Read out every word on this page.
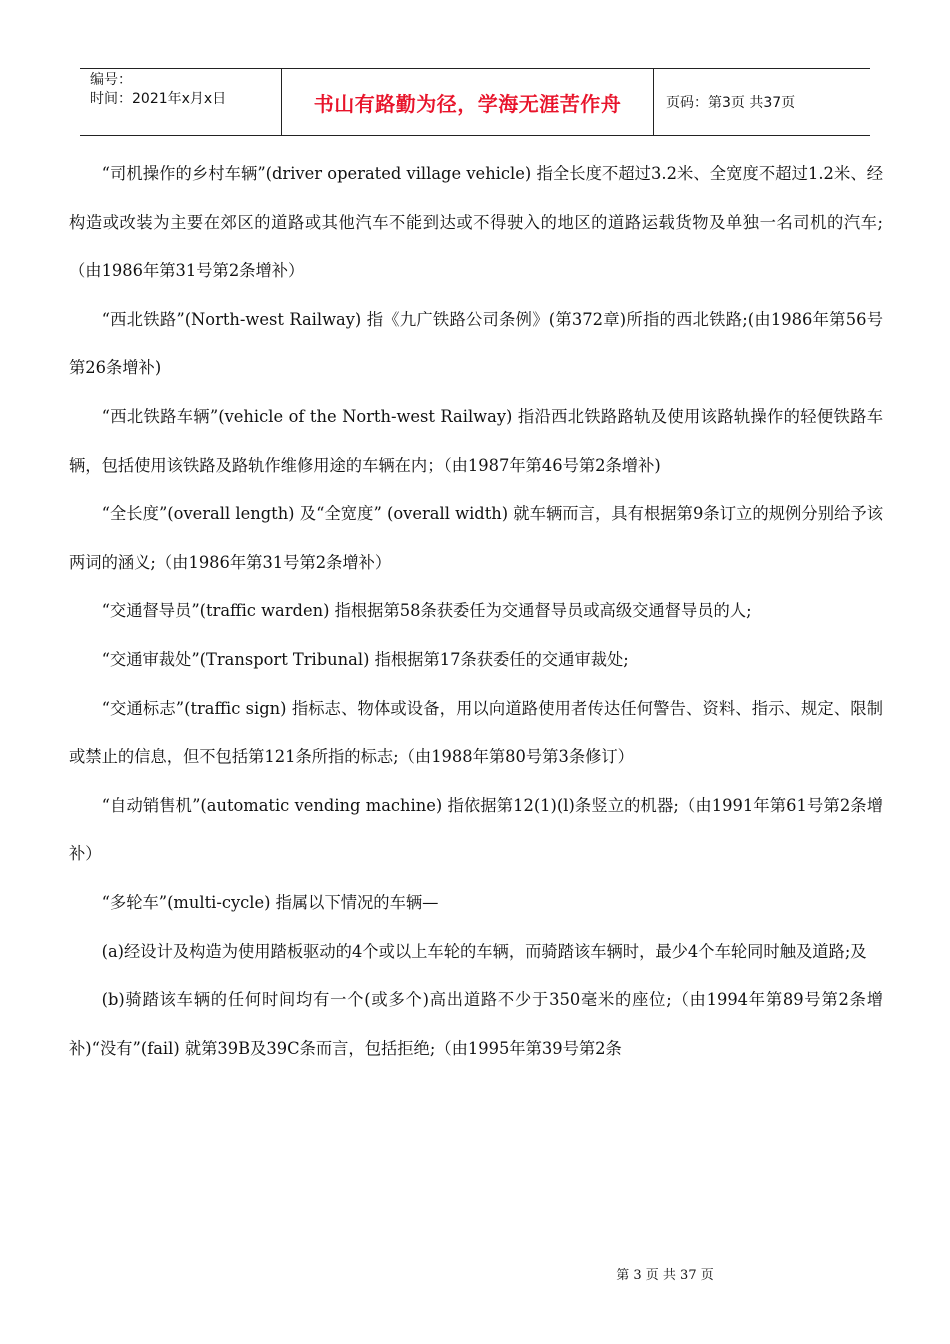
编号：
时间：2021年x月x日	书山有路勤为径，学海无涯苦作舟	页码：第3页 共37页

“司机操作的乡村车辆”(driver operated village vehicle) 指全长度不超过3.2米、全宽度不超过1.2米、经构造或改装为主要在郊区的道路或其他汽车不能到达或不得驶入的地区的道路运载货物及单独一名司机的汽车;（由1986年第31号第2条增补）

“西北铁路”(North-west Railway) 指《九广铁路公司条例》(第372章)所指的西北铁路;(由1986年第56号第26条增补)

“西北铁路车辆”(vehicle of the North-west Railway) 指沿西北铁路路轨及使用该路轨操作的轻便铁路车辆，包括使用该铁路及路轨作维修用途的车辆在内；（由1987年第46号第2条增补)

“全长度”(overall length) 及“全宽度” (overall width) 就车辆而言，具有根据第9条订立的规例分别给予该两词的涵义;（由1986年第31号第2条增补）

“交通督导员”(traffic warden) 指根据第58条获委任为交通督导员或高级交通督导员的人;

“交通审裁处”(Transport Tribunal) 指根据第17条获委任的交通审裁处;

“交通标志”(traffic sign) 指标志、物体或设备，用以向道路使用者传达任何警告、资料、指示、规定、限制或禁止的信息，但不包括第121条所指的标志;（由1988年第80号第3条修订）

“自动销售机”(automatic vending machine) 指依据第12(1)(l)条竖立的机器;（由1991年第61号第2条增补）

“多轮车”(multi-cycle) 指属以下情况的车辆—

(a)经设计及构造为使用踏板驱动的4个或以上车轮的车辆，而骑踏该车辆时，最少4个车轮同时触及道路;及

(b)骑踏该车辆的任何时间均有一个(或多个)高出道路不少于350毫米的座位;（由1994年第89号第2条增补)“没有”(fail) 就第39B及39C条而言，包括拒绝;（由1995年第39号第2条

第 3 页 共 37 页
